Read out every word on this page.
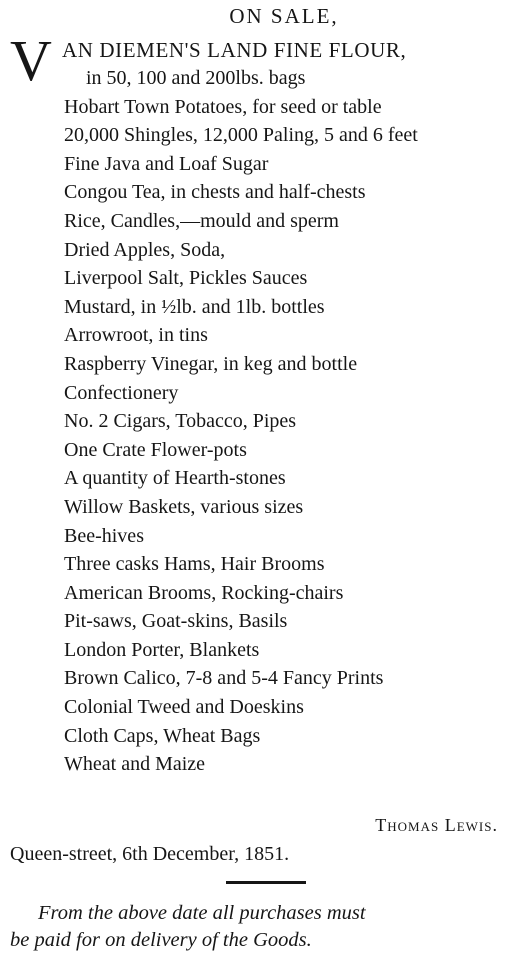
ON SALE,
V AN DIEMEN'S LAND FINE FLOUR,
in 50, 100 and 200lbs. bags
Hobart Town Potatoes, for seed or table
20,000 Shingles, 12,000 Paling, 5 and 6 feet
Fine Java and Loaf Sugar
Congou Tea, in chests and half-chests
Rice, Candles,—mould and sperm
Dried Apples, Soda,
Liverpool Salt, Pickles Sauces
Mustard, in ½lb. and 1lb. bottles
Arrowroot, in tins
Raspberry Vinegar, in keg and bottle
Confectionery
No. 2 Cigars, Tobacco, Pipes
One Crate Flower-pots
A quantity of Hearth-stones
Willow Baskets, various sizes
Bee-hives
Three casks Hams, Hair Brooms
American Brooms, Rocking-chairs
Pit-saws, Goat-skins, Basils
London Porter, Blankets
Brown Calico, 7-8 and 5-4 Fancy Prints
Colonial Tweed and Doeskins
Cloth Caps, Wheat Bags
Wheat and Maize
Thomas Lewis.
Queen-street, 6th December, 1851.
From the above date all purchases must
be paid for on delivery of the Goods.
